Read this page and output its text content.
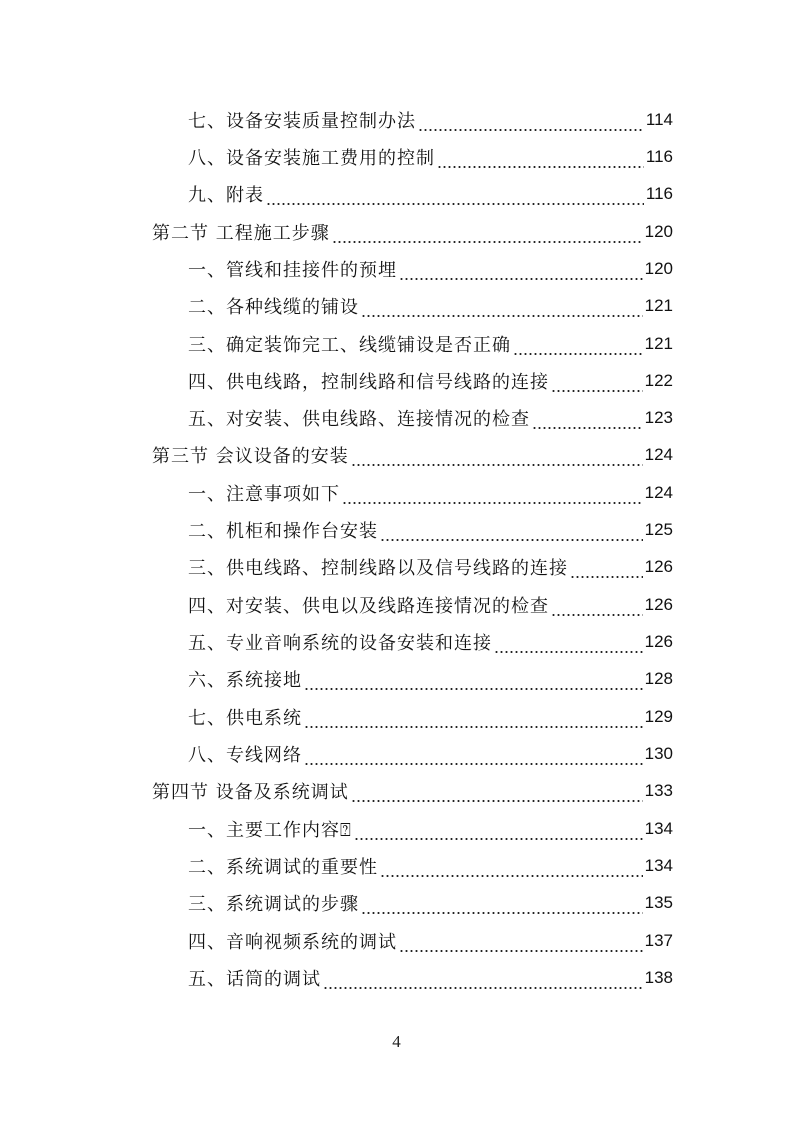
七、设备安装质量控制办法	114
八、设备安装施工费用的控制	116
九、附表	116
第二节 工程施工步骤	120
一、管线和挂接件的预埋	120
二、各种线缆的铺设	121
三、确定装饰完工、线缆铺设是否正确	121
四、供电线路，控制线路和信号线路的连接	122
五、对安装、供电线路、连接情况的检查	123
第三节 会议设备的安装	124
一、注意事项如下	124
二、机柜和操作台安装	125
三、供电线路、控制线路以及信号线路的连接	126
四、对安装、供电以及线路连接情况的检查	126
五、专业音响系统的设备安装和连接	126
六、系统接地	128
七、供电系统	129
八、专线网络	130
第四节 设备及系统调试	133
一、主要工作内容⍰	134
二、系统调试的重要性	134
三、系统调试的步骤	135
四、音响视频系统的调试	137
五、话筒的调试	138
4
